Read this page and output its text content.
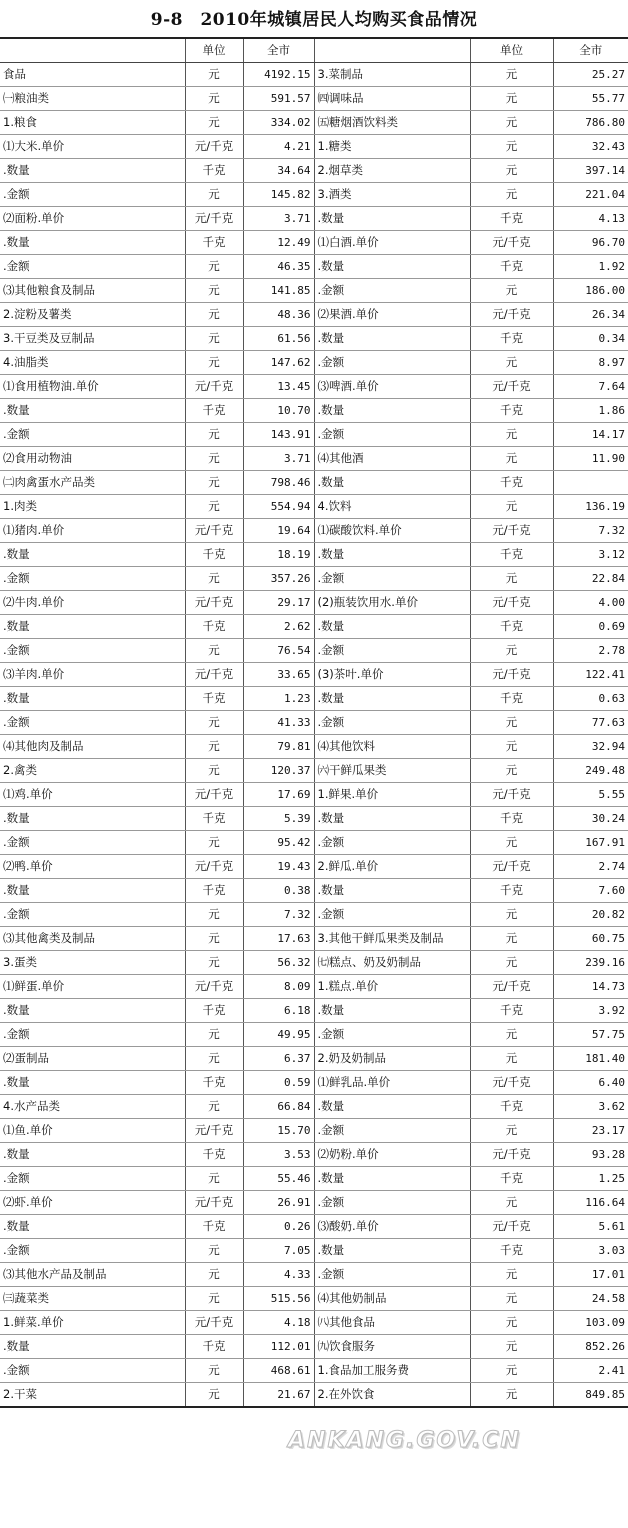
9-8　2010年城镇居民人均购买食品情况
	单位	全市		单位	全市
食品	元	4192.15	3.菜制品	元	25.27
㈠粮油类	元	591.57	㈣调味品	元	55.77
1.粮食	元	334.02	㈤糖烟酒饮料类	元	786.80
⑴大米.单价	元/千克	4.21	1.糖类	元	32.43
.数量	千克	34.64	2.烟草类	元	397.14
.金额	元	145.82	3.酒类	元	221.04
⑵面粉.单价	元/千克	3.71	.数量	千克	4.13
.数量	千克	12.49	⑴白酒.单价	元/千克	96.70
.金额	元	46.35	.数量	千克	1.92
⑶其他粮食及制品	元	141.85	.金额	元	186.00
2.淀粉及薯类	元	48.36	⑵果酒.单价	元/千克	26.34
3.干豆类及豆制品	元	61.56	.数量	千克	0.34
4.油脂类	元	147.62	.金额	元	8.97
⑴食用植物油.单价	元/千克	13.45	⑶啤酒.单价	元/千克	7.64
.数量	千克	10.70	.数量	千克	1.86
.金额	元	143.91	.金额	元	14.17
⑵食用动物油	元	3.71	⑷其他酒	元	11.90
㈡肉禽蛋水产品类	元	798.46	.数量	千克	
1.肉类	元	554.94	4.饮料	元	136.19
⑴猪肉.单价	元/千克	19.64	⑴碳酸饮料.单价	元/千克	7.32
.数量	千克	18.19	.数量	千克	3.12
.金额	元	357.26	.金额	元	22.84
⑵牛肉.单价	元/千克	29.17	(2)瓶装饮用水.单价	元/千克	4.00
.数量	千克	2.62	.数量	千克	0.69
.金额	元	76.54	.金额	元	2.78
⑶羊肉.单价	元/千克	33.65	(3)茶叶.单价	元/千克	122.41
.数量	千克	1.23	.数量	千克	0.63
.金额	元	41.33	.金额	元	77.63
⑷其他肉及制品	元	79.81	⑷其他饮料	元	32.94
2.禽类	元	120.37	㈥干鲜瓜果类	元	249.48
⑴鸡.单价	元/千克	17.69	1.鲜果.单价	元/千克	5.55
.数量	千克	5.39	.数量	千克	30.24
.金额	元	95.42	.金额	元	167.91
⑵鸭.单价	元/千克	19.43	2.鲜瓜.单价	元/千克	2.74
.数量	千克	0.38	.数量	千克	7.60
.金额	元	7.32	.金额	元	20.82
⑶其他禽类及制品	元	17.63	3.其他干鲜瓜果类及制品	元	60.75
3.蛋类	元	56.32	㈦糕点、奶及奶制品	元	239.16
⑴鲜蛋.单价	元/千克	8.09	1.糕点.单价	元/千克	14.73
.数量	千克	6.18	.数量	千克	3.92
.金额	元	49.95	.金额	元	57.75
⑵蛋制品	元	6.37	2.奶及奶制品	元	181.40
.数量	千克	0.59	⑴鲜乳品.单价	元/千克	6.40
4.水产品类	元	66.84	.数量	千克	3.62
⑴鱼.单价	元/千克	15.70	.金额	元	23.17
.数量	千克	3.53	⑵奶粉.单价	元/千克	93.28
.金额	元	55.46	.数量	千克	1.25
⑵虾.单价	元/千克	26.91	.金额	元	116.64
.数量	千克	0.26	⑶酸奶.单价	元/千克	5.61
.金额	元	7.05	.数量	千克	3.03
⑶其他水产品及制品	元	4.33	.金额	元	17.01
㈢蔬菜类	元	515.56	⑷其他奶制品	元	24.58
1.鲜菜.单价	元/千克	4.18	㈧其他食品	元	103.09
.数量	千克	112.01	㈨饮食服务	元	852.26
.金额	元	468.61	1.食品加工服务费	元	2.41
2.干菜	元	21.67	2.在外饮食	元	849.85
ANKANG.GOV.CN
